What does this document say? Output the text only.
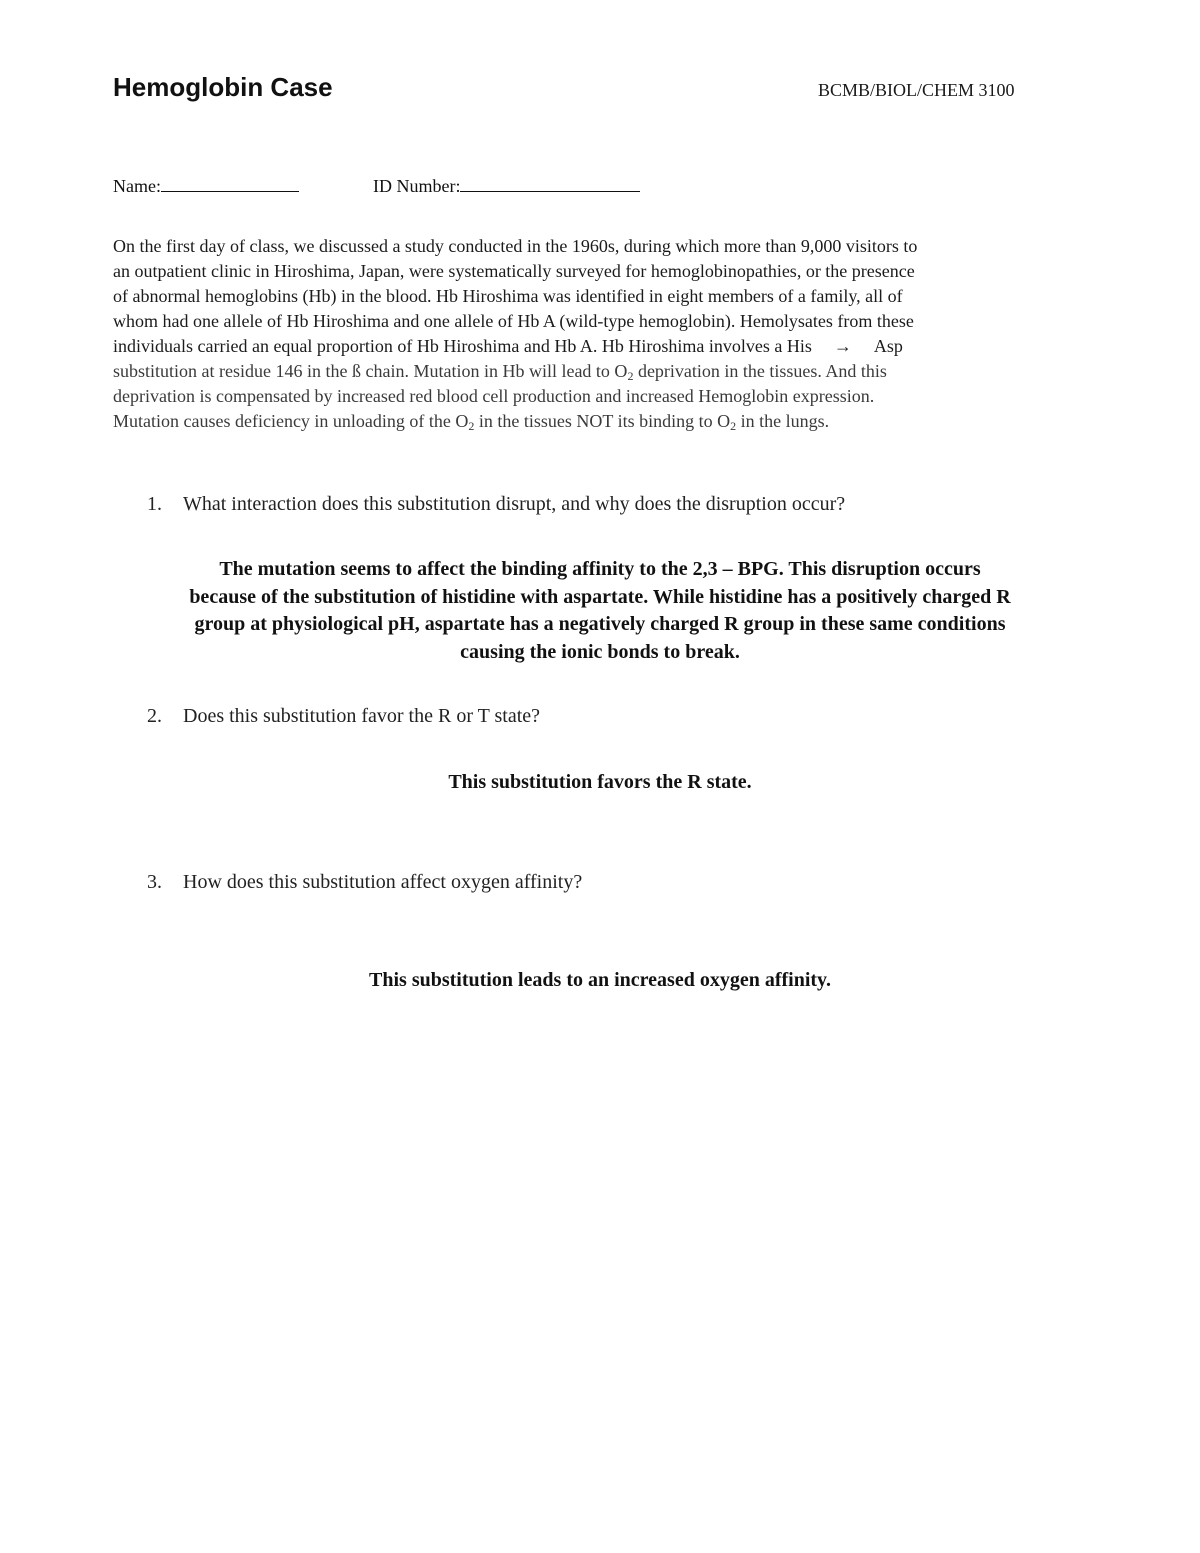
Hemoglobin Case	BCMB/BIOL/CHEM 3100
Name:	ID Number:
On the first day of class, we discussed a study conducted in the 1960s, during which more than 9,000 visitors to
an outpatient clinic in Hiroshima, Japan, were systematically surveyed for hemoglobinopathies, or the presence
of abnormal hemoglobins (Hb) in the blood. Hb Hiroshima was identified in eight members of a family, all of
whom had one allele of Hb Hiroshima and one allele of Hb A (wild-type hemoglobin). Hemolysates from these
individuals carried an equal proportion of Hb Hiroshima and Hb A. Hb Hiroshima involves a His → Asp
substitution at residue 146 in the ß chain. Mutation in Hb will lead to $O_2$ deprivation in the tissues. And this
deprivation is compensated by increased red blood cell production and increased Hemoglobin expression.
Mutation causes deficiency in unloading of the $O_2$ in the tissues NOT its binding to $O_2$ in the lungs.
1. What interaction does this substitution disrupt, and why does the disruption occur?
The mutation seems to affect the binding affinity to the 2,3 – BPG. This disruption occurs
because of the substitution of histidine with aspartate. While histidine has a positively charged R
group at physiological pH, aspartate has a negatively charged R group in these same conditions
causing the ionic bonds to break.
2. Does this substitution favor the R or T state?
This substitution favors the R state.
3. How does this substitution affect oxygen affinity?
This substitution leads to an increased oxygen affinity.
